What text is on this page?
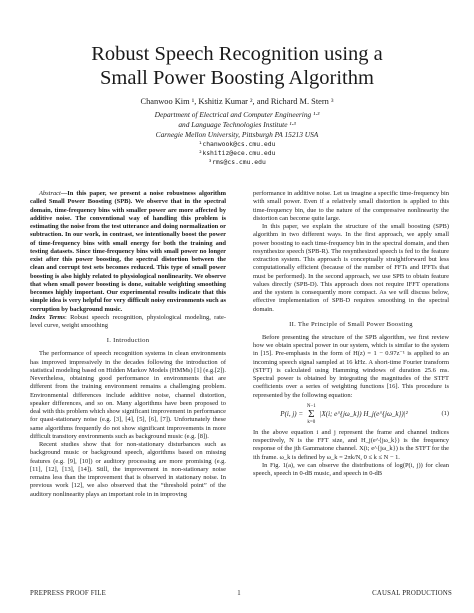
Robust Speech Recognition using a
Small Power Boosting Algorithm
Chanwoo Kim ¹, Kshitiz Kumar ², and Richard M. Stern ³
Department of Electrical and Computer Engineering ¹·³
and Language Technologies Institute ¹·³
Carnegie Mellon University, Pittsburgh PA 15213 USA
¹chanwook@cs.cmu.edu
²kshitiz@ece.cmu.edu
³rms@cs.cmu.edu

Abstract—In this paper, we present a noise robustness algorithm called Small Power Boosting (SPB). We observe that in the spectral domain, time-frequency bins with smaller power are more affected by additive noise. The conventional way of handling this problem is estimating the noise from the test utterance and doing normalization or subtraction. In our work, in contrast, we intentionally boost the power of time-frequency bins with small energy for both the training and testing datasets. Since time-frequency bins with small power no longer exist after this power boosting, the spectral distortion between the clean and corrupt test sets becomes reduced. This type of small power boosting is also highly related to physiological nonlinearity. We observe that when small power boosting is done, suitable weighting smoothing becomes highly important. Our experimental results indicate that this simple idea is very helpful for very difficult noisy environments such as corruption by background music.

Index Terms: Robust speech recognition, physiological modeling, rate-level curve, weight smoothing

I. Introduction

The performance of speech recognition systems in clean environments has improved impressively in the decades following the introduction of statistical modeling based on Hidden Markov Models (HMMs) [1] (e.g.[2]). Nevertheless, obtaining good performance in environments that are different from the training environment remains a challenging problem. Environmental differences include additive noise, channel distortion, speaker differences, and so on. Many algorithms have been proposed to deal with this problem which show significant improvement in performance for quasi-stationary noise (e.g. [3], [4], [5], [6], [7]). Unfortunately these same algorithms frequently do not show significant improvements in more difficult transitory environments such as background music (e.g. [8]).

Recent studies show that for non-stationary disturbances such as background music or background speech, algorithms based on missing features (e.g. [9], [10]) or auditory processing are more promising (e.g. [11], [12], [13], [14]). Still, the improvement in non-stationary noise remains less than the improvement that is observed in stationary noise. In previous work [12], we also observed that the “threshold point” of the auditory nonlinearity plays an important role in in improving

performance in additive noise. Let us imagine a specific time-frequency bin with small power. Even if a relatively small distortion is applied to this time-frequency bin, due to the nature of the compressive nonlinearity the distortion can become quite large.

In this paper, we explain the structure of the small boosting (SPB) algorithm in two different ways. In the first approach, we apply small power boosting to each time-frequency bin in the spectral domain, and then resynthesize speech (SPB-R). The resynthesized speech is fed to the feature extraction system. This approach is conceptually straightforward but less computationally efficient (because of the number of FFTs and IFFTs that must be performed). In the second approach, we use SPB to obtain feature values directly (SPB-D). This approach does not require IFFT operations and the system is consequently more compact. As we will discuss below, effective implementation of SPB-D requires smoothing in the spectral domain.

II. The Principle of Small Power Boosting

Before presenting the structure of the SPB algorithm, we first review how we obtain spectral power in our system, which is similar to the system in [15]. Pre-emphasis in the form of H(z) = 1 − 0.97z⁻¹ is applied to an incoming speech signal sampled at 16 kHz. A short-time Fourier transform (STFT) is calculated using Hamming windows of duration 25.6 ms. Spectral power is obtained by integrating the magnitudes of the STFT coefficients over a series of weighting functions [16]. This procedure is represented by the following equation:

P(i, j) = N−1
Σ
k=0 |X(i; e^{jω_k}) H_j(e^{jω_k})|²	(1)

In the above equation i and j represent the frame and channel indices respectively, N is the FFT size, and H_j(e^{jω_k}) is the frequency response of the jth Gammatone channel. X(i; e^{jω_k}) is the STFT for the ith frame. ω_k is defined by ω_k = 2πk/N, 0 ≤ k ≤ N − 1.

In Fig. 1(a), we can observe the distributions of log(P(i, j)) for clean speech, speech in 0-dB music, and speech in 0-dB

PREPRESS PROOF FILE	1	CAUSAL PRODUCTIONS
